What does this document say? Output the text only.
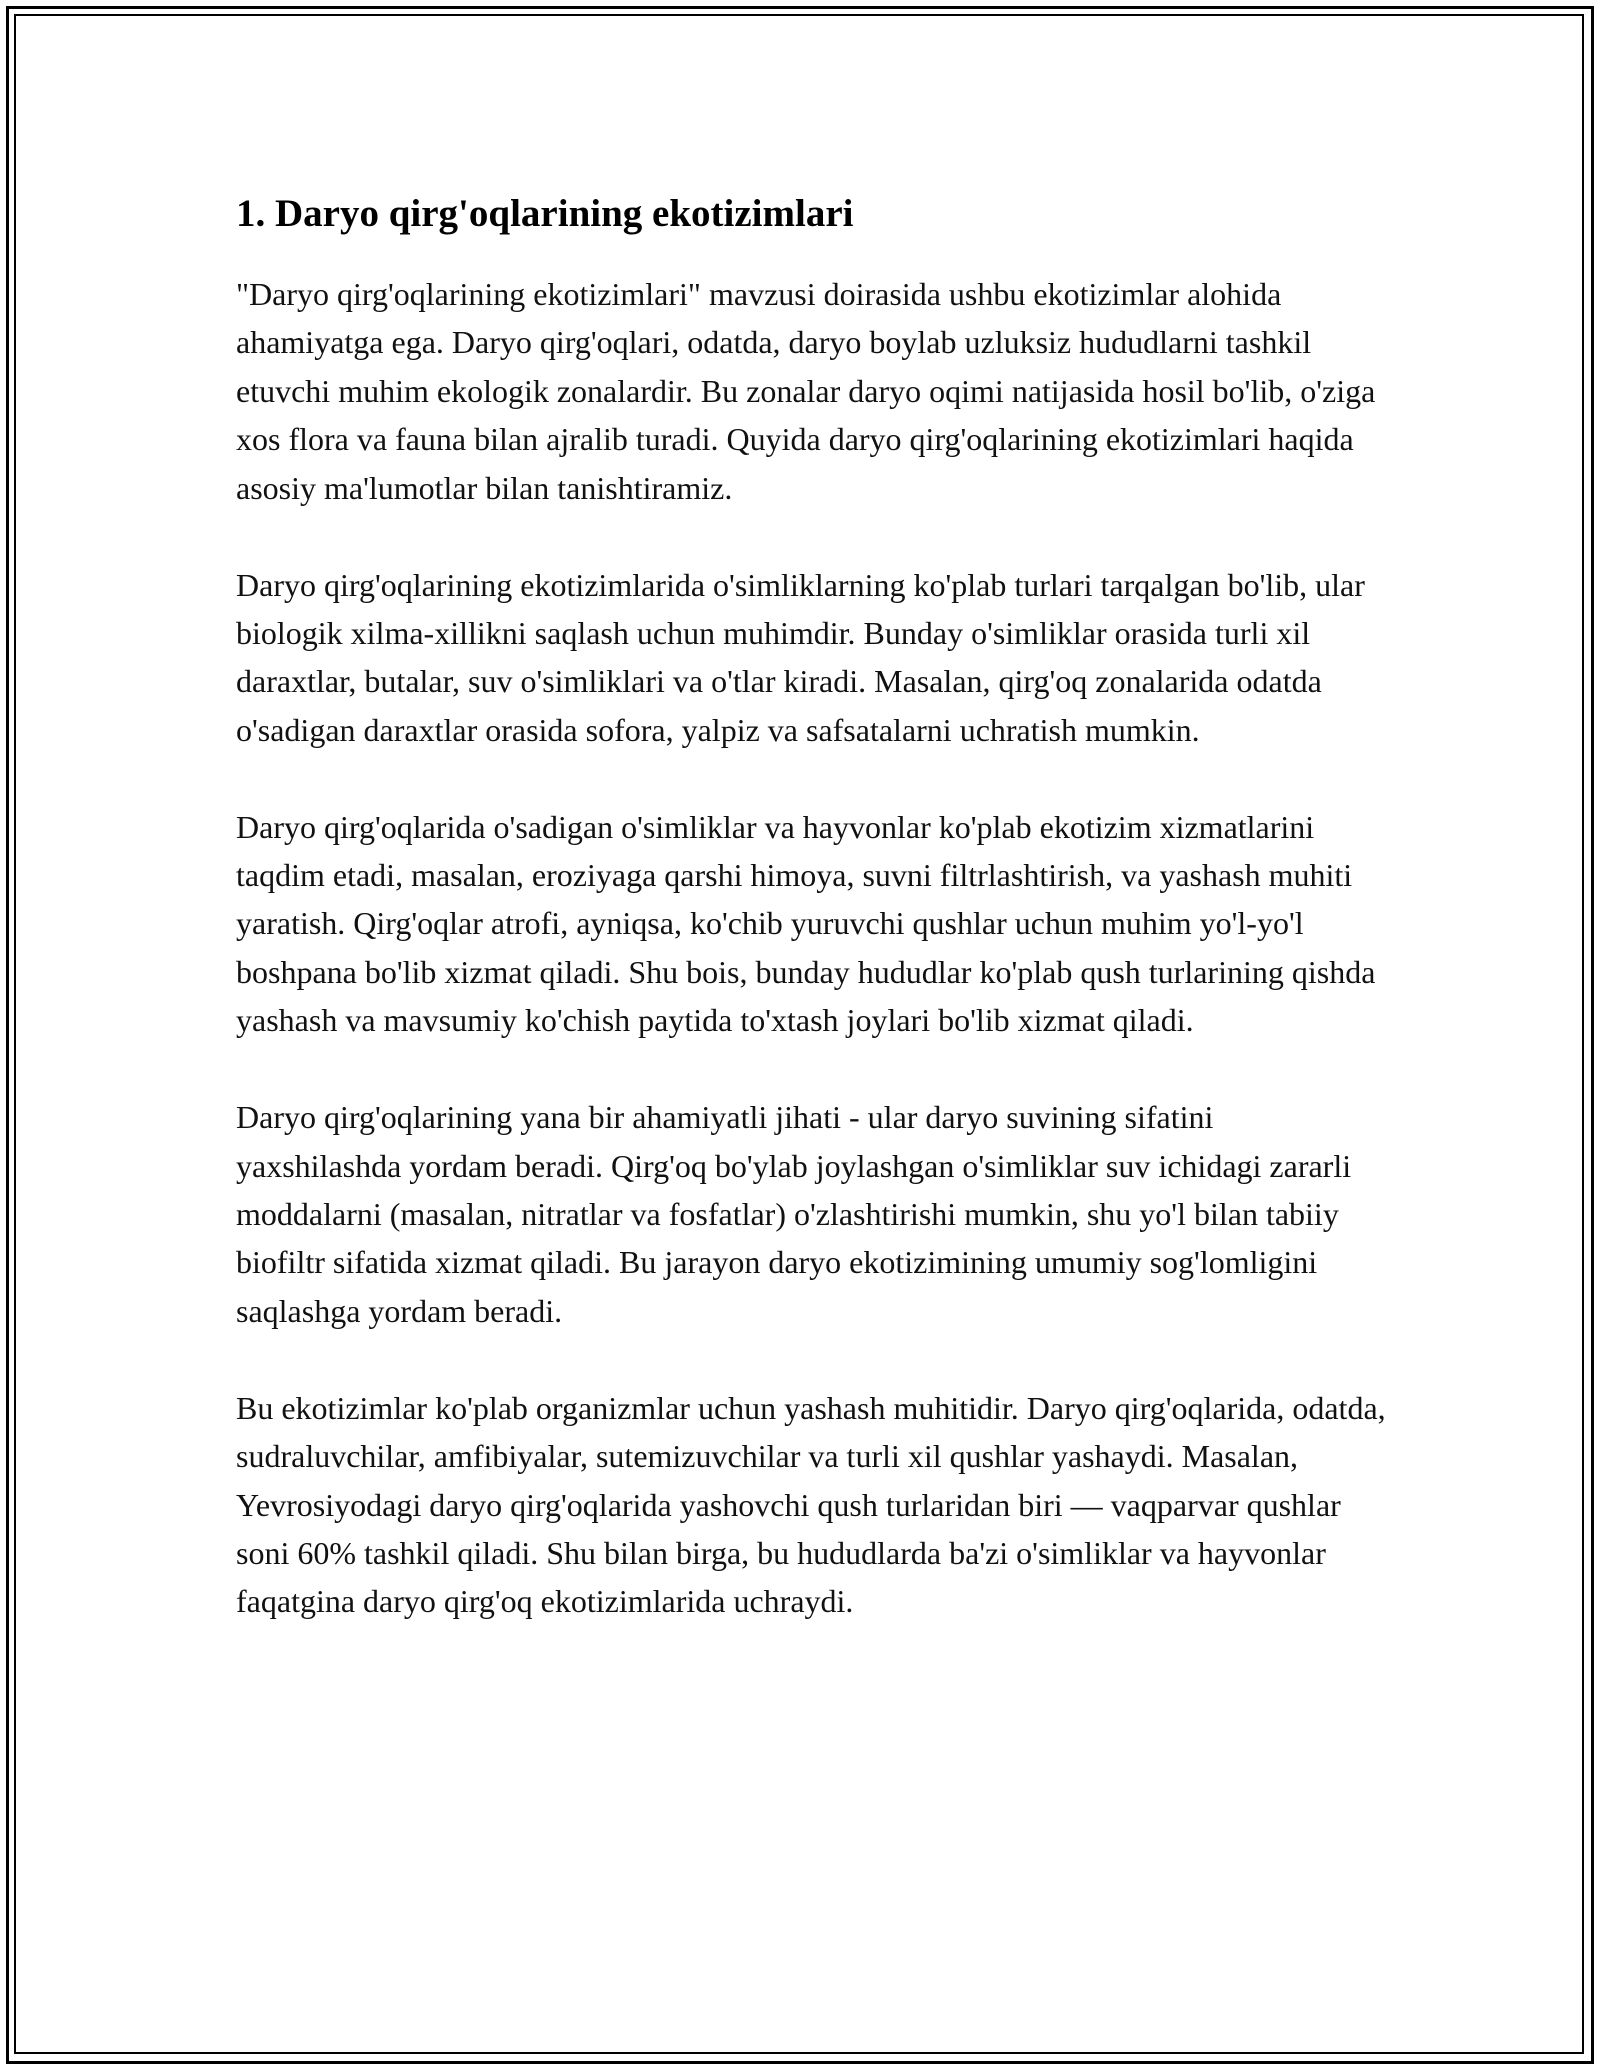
1. Daryo qirg'oqlarining ekotizimlari

"Daryo qirg'oqlarining ekotizimlari" mavzusi doirasida ushbu ekotizimlar alohida ahamiyatga ega. Daryo qirg'oqlari, odatda, daryo boylab uzluksiz hududlarni tashkil etuvchi muhim ekologik zonalardir. Bu zonalar daryo oqimi natijasida hosil bo'lib, o'ziga xos flora va fauna bilan ajralib turadi. Quyida daryo qirg'oqlarining ekotizimlari haqida asosiy ma'lumotlar bilan tanishtiramiz.

Daryo qirg'oqlarining ekotizimlarida o'simliklarning ko'plab turlari tarqalgan bo'lib, ular biologik xilma-xillikni saqlash uchun muhimdir. Bunday o'simliklar orasida turli xil daraxtlar, butalar, suv o'simliklari va o'tlar kiradi. Masalan, qirg'oq zonalarida odatda o'sadigan daraxtlar orasida sofora, yalpiz va safsatalarni uchratish mumkin.

Daryo qirg'oqlarida o'sadigan o'simliklar va hayvonlar ko'plab ekotizim xizmatlarini taqdim etadi, masalan, eroziyaga qarshi himoya, suvni filtrlashtirish, va yashash muhiti yaratish. Qirg'oqlar atrofi, ayniqsa, ko'chib yuruvchi qushlar uchun muhim yo'l-yo'l boshpana bo'lib xizmat qiladi. Shu bois, bunday hududlar ko'plab qush turlarining qishda yashash va mavsumiy ko'chish paytida to'xtash joylari bo'lib xizmat qiladi.

Daryo qirg'oqlarining yana bir ahamiyatli jihati - ular daryo suvining sifatini yaxshilashda yordam beradi. Qirg'oq bo'ylab joylashgan o'simliklar suv ichidagi zararli moddalarni (masalan, nitratlar va fosfatlar) o'zlashtirishi mumkin, shu yo'l bilan tabiiy biofiltr sifatida xizmat qiladi. Bu jarayon daryo ekotizimining umumiy sog'lomligini saqlashga yordam beradi.

Bu ekotizimlar ko'plab organizmlar uchun yashash muhitidir. Daryo qirg'oqlarida, odatda, sudraluvchilar, amfibiyalar, sutemizuvchilar va turli xil qushlar yashaydi. Masalan, Yevrosiyodagi daryo qirg'oqlarida yashovchi qush turlaridan biri — vaqparvar qushlar soni 60% tashkil qiladi. Shu bilan birga, bu hududlarda ba'zi o'simliklar va hayvonlar faqatgina daryo qirg'oq ekotizimlarida uchraydi.
